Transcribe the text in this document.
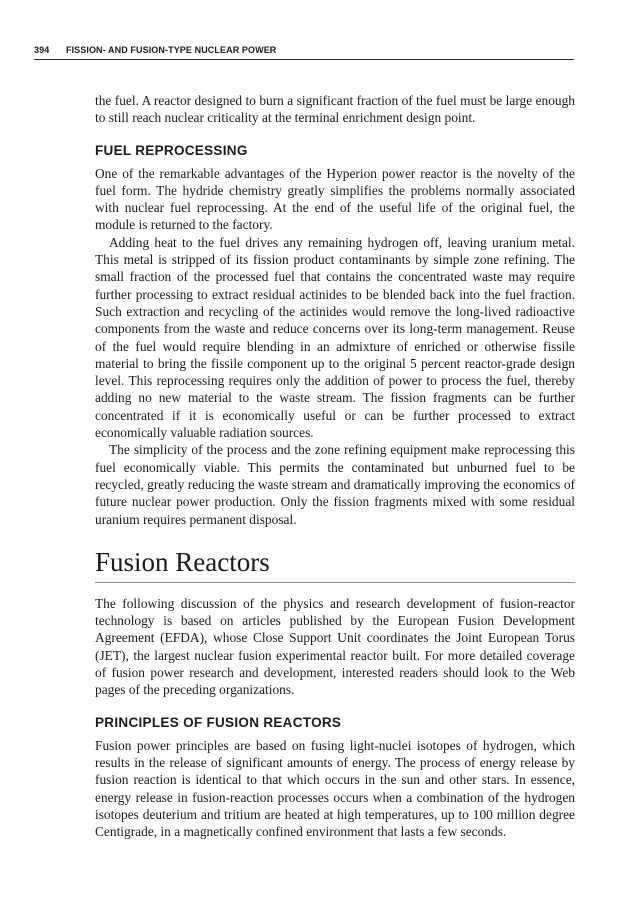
394 FISSION- AND FUSION-TYPE NUCLEAR POWER

the fuel. A reactor designed to burn a significant fraction of the fuel must be large enough to still reach nuclear criticality at the terminal enrichment design point.

FUEL REPROCESSING

One of the remarkable advantages of the Hyperion power reactor is the novelty of the fuel form. The hydride chemistry greatly simplifies the problems normally associated with nuclear fuel reprocessing. At the end of the useful life of the original fuel, the module is returned to the factory.

Adding heat to the fuel drives any remaining hydrogen off, leaving uranium metal. This metal is stripped of its fission product contaminants by simple zone refining. The small fraction of the processed fuel that contains the concentrated waste may require further processing to extract residual actinides to be blended back into the fuel fraction. Such extraction and recycling of the actinides would remove the long-lived radioactive components from the waste and reduce concerns over its long-term management. Reuse of the fuel would require blending in an admixture of enriched or otherwise fissile material to bring the fissile component up to the original 5 percent reactor-grade design level. This reprocessing requires only the addition of power to process the fuel, thereby adding no new material to the waste stream. The fission fragments can be further concentrated if it is economically useful or can be further processed to extract economically valuable radiation sources.

The simplicity of the process and the zone refining equipment make reprocessing this fuel economically viable. This permits the contaminated but unburned fuel to be recycled, greatly reducing the waste stream and dramatically improving the economics of future nuclear power production. Only the fission fragments mixed with some residual uranium requires permanent disposal.

Fusion Reactors

The following discussion of the physics and research development of fusion-reactor technology is based on articles published by the European Fusion Development Agreement (EFDA), whose Close Support Unit coordinates the Joint European Torus (JET), the largest nuclear fusion experimental reactor built. For more detailed coverage of fusion power research and development, interested readers should look to the Web pages of the preceding organizations.

PRINCIPLES OF FUSION REACTORS

Fusion power principles are based on fusing light-nuclei isotopes of hydrogen, which results in the release of significant amounts of energy. The process of energy release by fusion reaction is identical to that which occurs in the sun and other stars. In essence, energy release in fusion-reaction processes occurs when a combination of the hydrogen isotopes deuterium and tritium are heated at high temperatures, up to 100 million degree Centigrade, in a magnetically confined environment that lasts a few seconds.
